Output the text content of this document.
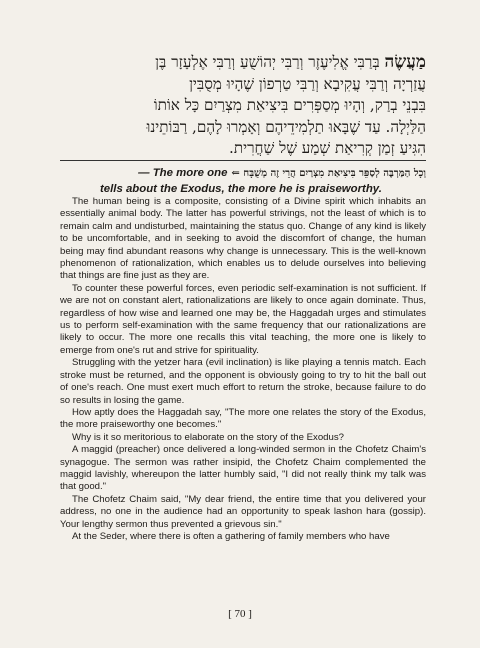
מַעֲשֶׂה בְּרַבִּי אֱלִיעֶזֶר וְרַבִּי יְהוֹשֻׁעַ וְרַבִּי אֶלְעָזָר בֶּן
עֲזַרְיָה וְרַבִּי עֲקִיבָא וְרַבִּי טַרְפוֹן שֶׁהָיוּ מְסֻבִּין
בִּבְנֵי בְרַק, וְהָיוּ מְסַפְּרִים בִּיצִיאַת מִצְרַיִם כָּל אוֹתוֹ
הַלַּיְלָה. עַד שֶׁבָּאוּ תַלְמִידֵיהֶם וְאָמְרוּ לָהֶם, רַבּוֹתֵינוּ
הִגִּיעַ זְמַן קְרִיאַת שְׁמַע שֶׁל שַׁחֲרִית.
וְכָל הַמַּרְבֶּה לְסַפֵּר בִּיצִיאַת מִצְרַיִם הֲרֵי זֶה מְשֻׁבָּח ⇐
— The more one
tells about the Exodus, the more he is praiseworthy.

The human being is a composite, consisting of a Divine spirit which inhabits an essentially animal body. The latter has powerful strivings, not the least of which is to remain calm and undisturbed, maintaining the status quo. Change of any kind is likely to be uncomfortable, and in seeking to avoid the discomfort of change, the human being may find abundant reasons why change is unnecessary. This is the well-known phenomenon of rationalization, which enables us to delude ourselves into believing that things are fine just as they are.

To counter these powerful forces, even periodic self-examination is not sufficient. If we are not on constant alert, rationalizations are likely to once again dominate. Thus, regardless of how wise and learned one may be, the Haggadah urges and stimulates us to perform self-examination with the same frequency that our rationalizations are likely to occur. The more one recalls this vital teaching, the more one is likely to emerge from one's rut and strive for spirituality.

Struggling with the yetzer hara (evil inclination) is like playing a tennis match. Each stroke must be returned, and the opponent is obviously going to try to hit the ball out of one's reach. One must exert much effort to return the stroke, because failure to do so results in losing the game.

How aptly does the Haggadah say, "The more one relates the story of the Exodus, the more praiseworthy one becomes."

Why is it so meritorious to elaborate on the story of the Exodus?

A maggid (preacher) once delivered a long-winded sermon in the Chofetz Chaim's synagogue. The sermon was rather insipid, the Chofetz Chaim complemented the maggid lavishly, whereupon the latter humbly said, "I did not really think my talk was that good."

The Chofetz Chaim said, "My dear friend, the entire time that you delivered your address, no one in the audience had an opportunity to speak lashon hara (gossip). Your lengthy sermon thus prevented a grievous sin."

At the Seder, where there is often a gathering of family members who have

[ 70 ]
